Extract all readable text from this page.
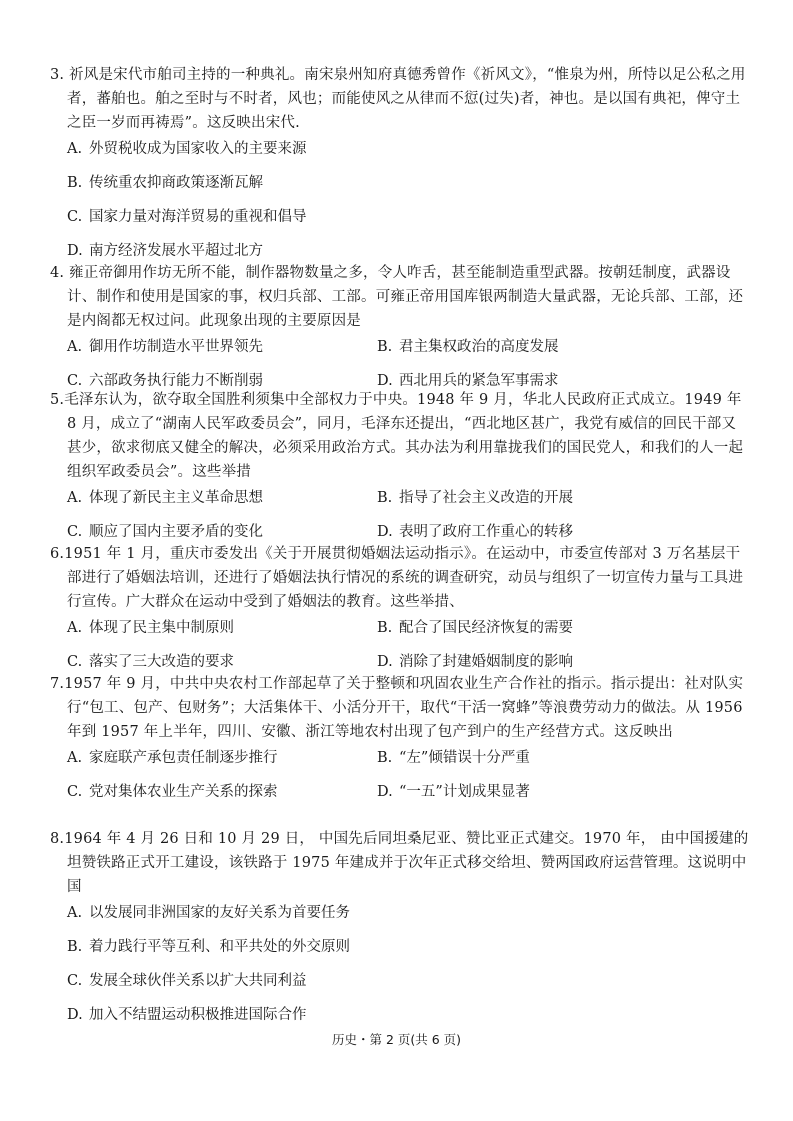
3. 祈风是宋代市舶司主持的一种典礼。南宋泉州知府真德秀曾作《祈风文》，“惟泉为州，所恃以足公私之用者，蕃舶也。舶之至时与不时者，风也；而能使风之从律而不愆(过失)者，神也。是以国有典祀，俾守土之臣一岁而再祷焉”。这反映出宋代.

A. 外贸税收成为国家收入的主要来源
B. 传统重农抑商政策逐渐瓦解
C. 国家力量对海洋贸易的重视和倡导
D. 南方经济发展水平超过北方

4. 雍正帝御用作坊无所不能，制作器物数量之多，令人咋舌，甚至能制造重型武器。按朝廷制度，武器设计、制作和使用是国家的事，权归兵部、工部。可雍正帝用国库银两制造大量武器，无论兵部、工部，还是内阁都无权过问。此现象出现的主要原因是

A. 御用作坊制造水平世界领先	B. 君主集权政治的高度发展
C. 六部政务执行能力不断削弱	D. 西北用兵的紧急军事需求

5.毛泽东认为，欲夺取全国胜利须集中全部权力于中央。1948 年 9 月，华北人民政府正式成立。1949 年 8 月，成立了“湖南人民军政委员会”，同月，毛泽东还提出，“西北地区甚广，我党有威信的回民干部又甚少，欲求彻底又健全的解决，必须采用政治方式。其办法为利用靠拢我们的国民党人，和我们的人一起组织军政委员会”。这些举措

A. 体现了新民主主义革命思想	B. 指导了社会主义改造的开展
C. 顺应了国内主要矛盾的变化	D. 表明了政府工作重心的转移

6.1951 年 1 月，重庆市委发出《关于开展贯彻婚姻法运动指示》。在运动中，市委宣传部对 3 万名基层干部进行了婚姻法培训，还进行了婚姻法执行情况的系统的调查研究，动员与组织了一切宣传力量与工具进行宣传。广大群众在运动中受到了婚姻法的教育。这些举措、

A. 体现了民主集中制原则	B. 配合了国民经济恢复的需要
C. 落实了三大改造的要求	D. 消除了封建婚姻制度的影响

7.1957 年 9 月，中共中央农村工作部起草了关于整顿和巩固农业生产合作社的指示。指示提出：社对队实行“包工、包产、包财务”；大活集体干、小活分开干，取代“干活一窝蜂”等浪费劳动力的做法。从 1956 年到 1957 年上半年，四川、安徽、浙江等地农村出现了包产到户的生产经营方式。这反映出

A. 家庭联产承包责任制逐步推行	B. “左”倾错误十分严重
C. 党对集体农业生产关系的探索	D. “一五”计划成果显著

8.1964 年 4 月 26 日和 10 月 29 日， 中国先后同坦桑尼亚、赞比亚正式建交。1970 年， 由中国援建的坦赞铁路正式开工建设，该铁路于 1975 年建成并于次年正式移交给坦、赞两国政府运营管理。这说明中国

A. 以发展同非洲国家的友好关系为首要任务
B. 着力践行平等互利、和平共处的外交原则
C. 发展全球伙伴关系以扩大共同利益
D. 加入不结盟运动积极推进国际合作
历史・第 2 页(共 6 页)
